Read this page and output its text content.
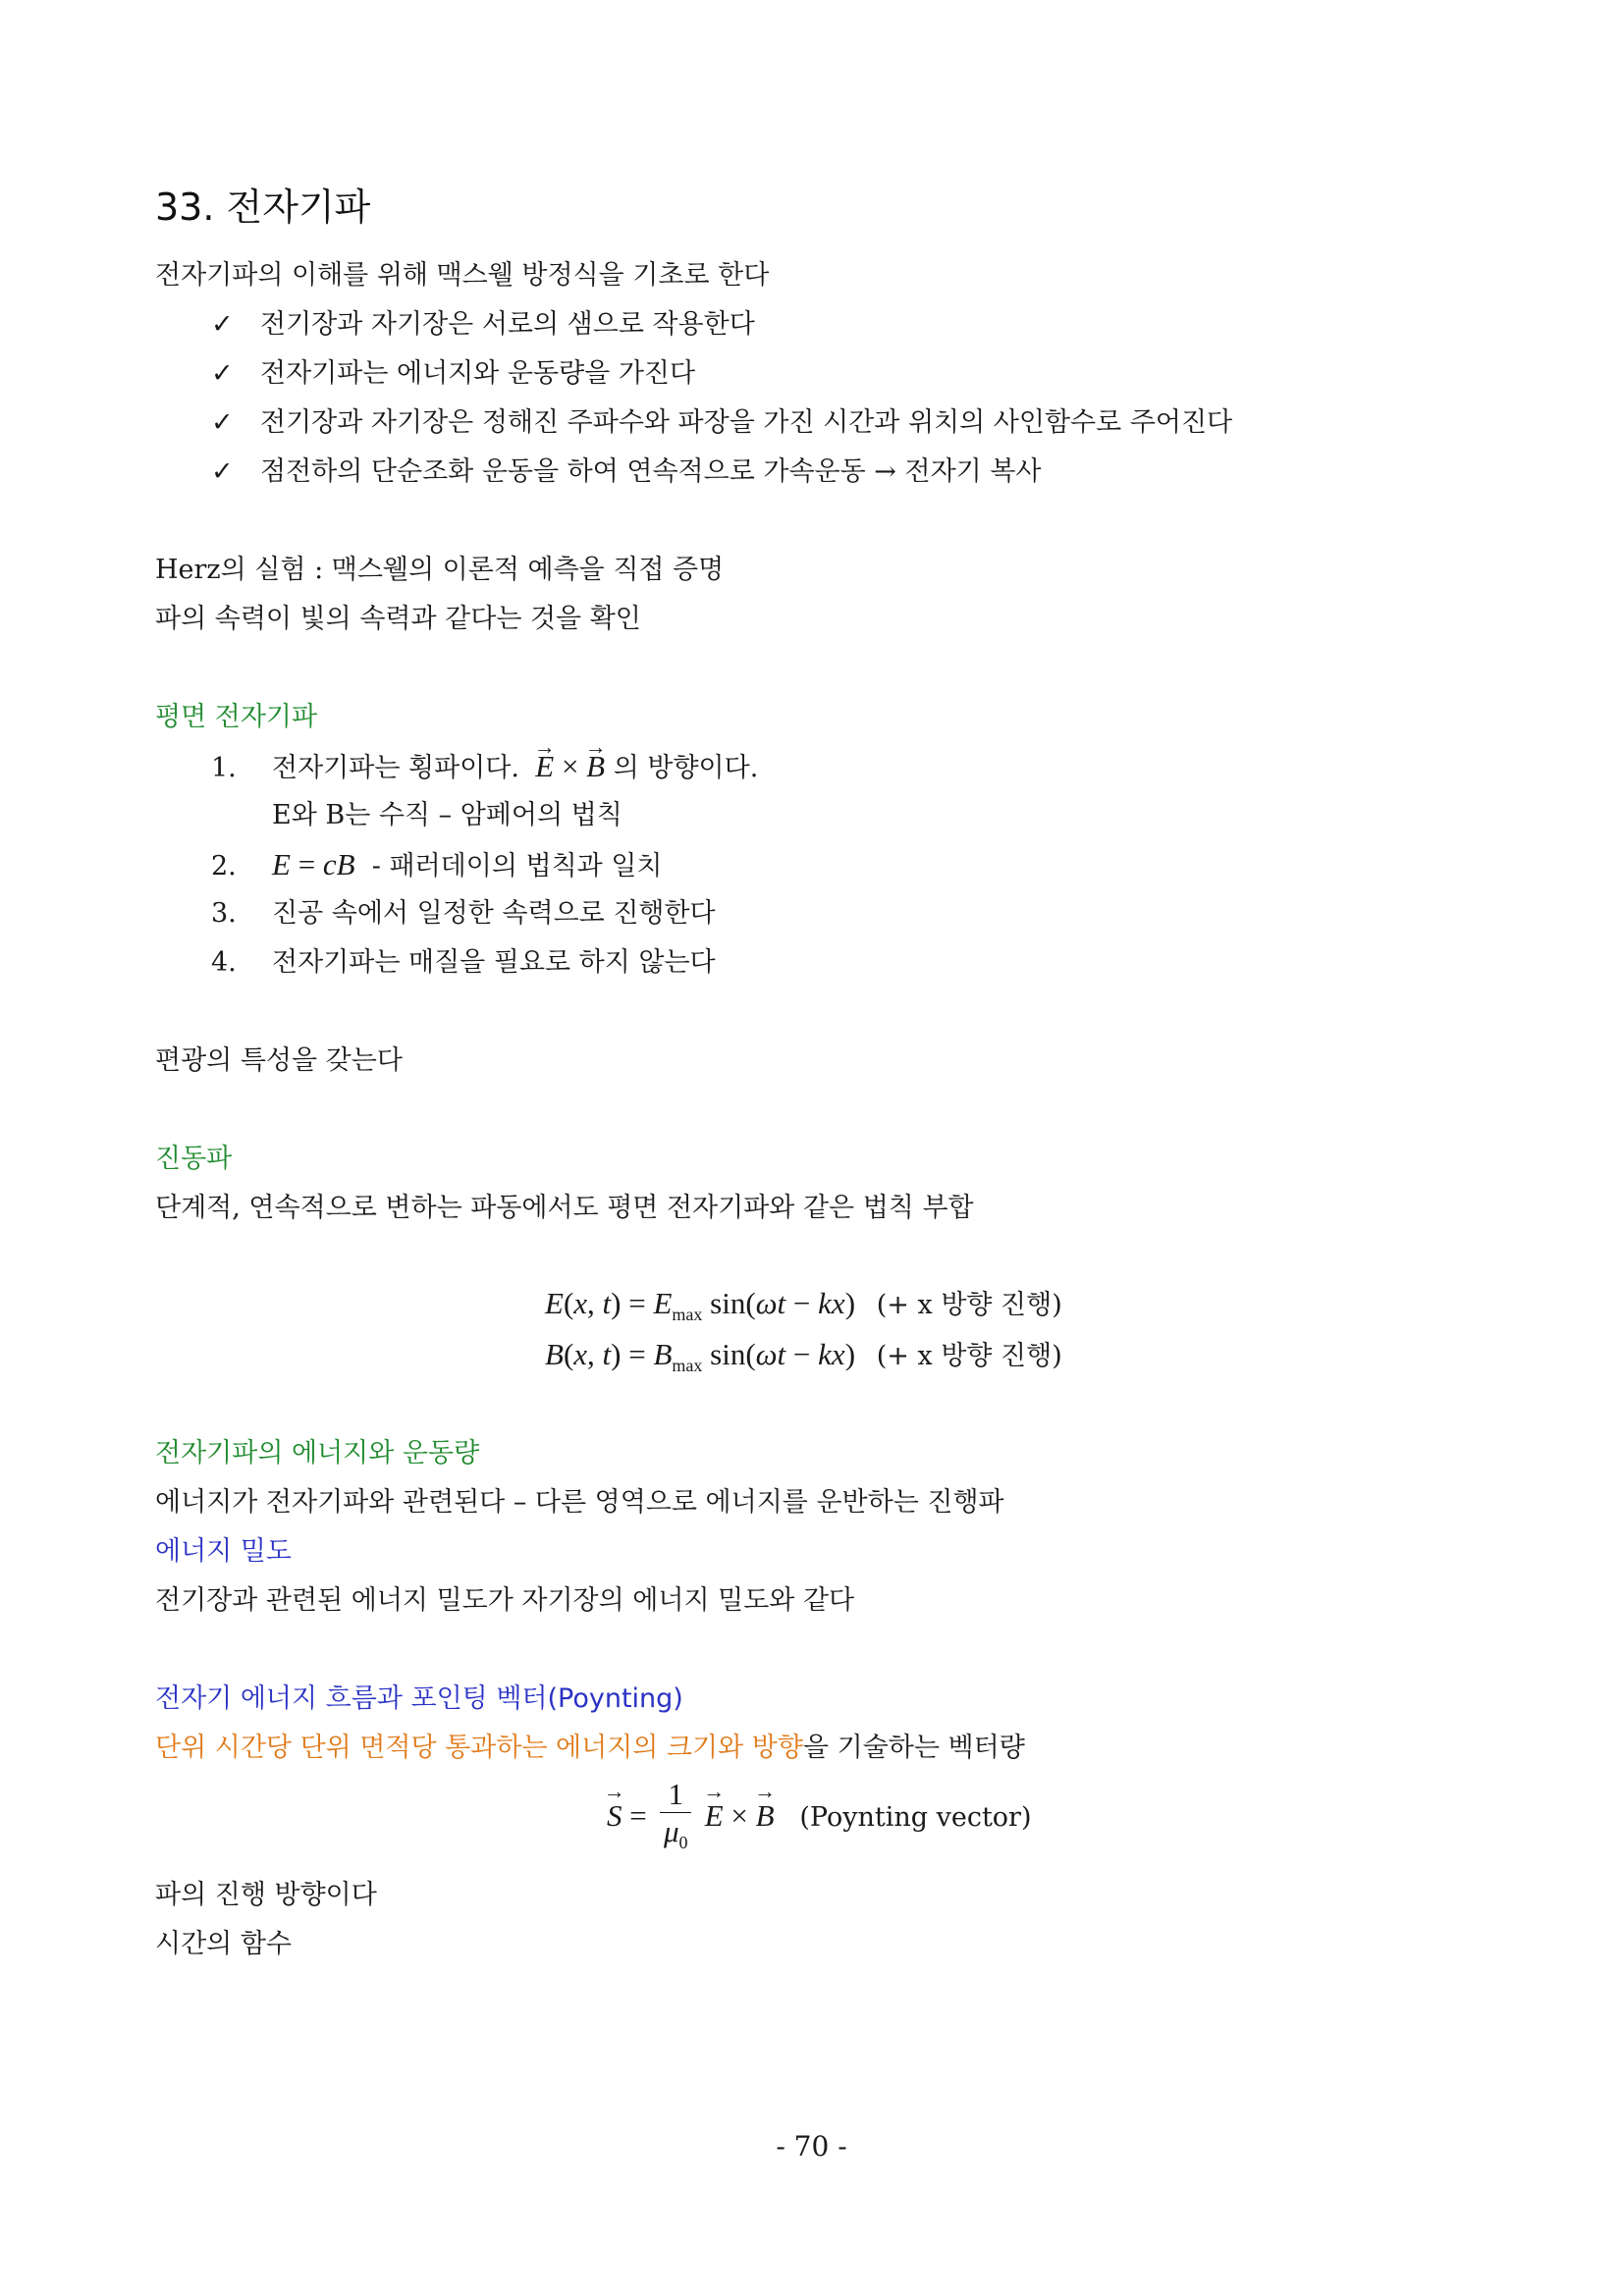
33. 전자기파
전자기파의 이해를 위해 맥스웰 방정식을 기초로 한다
✓ 전기장과 자기장은 서로의 샘으로 작용한다
✓ 전자기파는 에너지와 운동량을 가진다
✓ 전기장과 자기장은 정해진 주파수와 파장을 가진 시간과 위치의 사인함수로 주어진다
✓ 점전하의 단순조화 운동을 하여 연속적으로 가속운동 → 전자기 복사
Herz의 실험 : 맥스웰의 이론적 예측을 직접 증명
파의 속력이 빛의 속력과 같다는 것을 확인
평면 전자기파
1. 전자기파는 횡파이다.  → E × → B 의 방향이다.
E와 B는 수직 – 암페어의 법칙
2. E = cB - 패러데이의 법칙과 일치
3. 진공 속에서 일정한 속력으로 진행한다
4. 전자기파는 매질을 필요로 하지 않는다
편광의 특성을 갖는다
진동파
단계적, 연속적으로 변하는 파동에서도 평면 전자기파와 같은 법칙 부합
E(x, $t) = E_{max}$ sin(ωt − kx) (+ x 방향 진행)
B(x, $t) = B_{max}$ sin(ωt − kx) (+ x 방향 진행)
전자기파의 에너지와 운동량
에너지가 전자기파와 관련된다 – 다른 영역으로 에너지를 운반하는 진행파
에너지 밀도
전기장과 관련된 에너지 밀도가 자기장의 에너지 밀도와 같다
전자기 에너지 흐름과 포인팅 벡터(Poynting)
단위 시간당 단위 면적당 통과하는 에너지의 크기와 방향을 기술하는 벡터량
→ $S = \frac{1}{\mu_0}$
→ E × → B (Poynting vector)
파의 진행 방향이다
시간의 함수
- 70 -
